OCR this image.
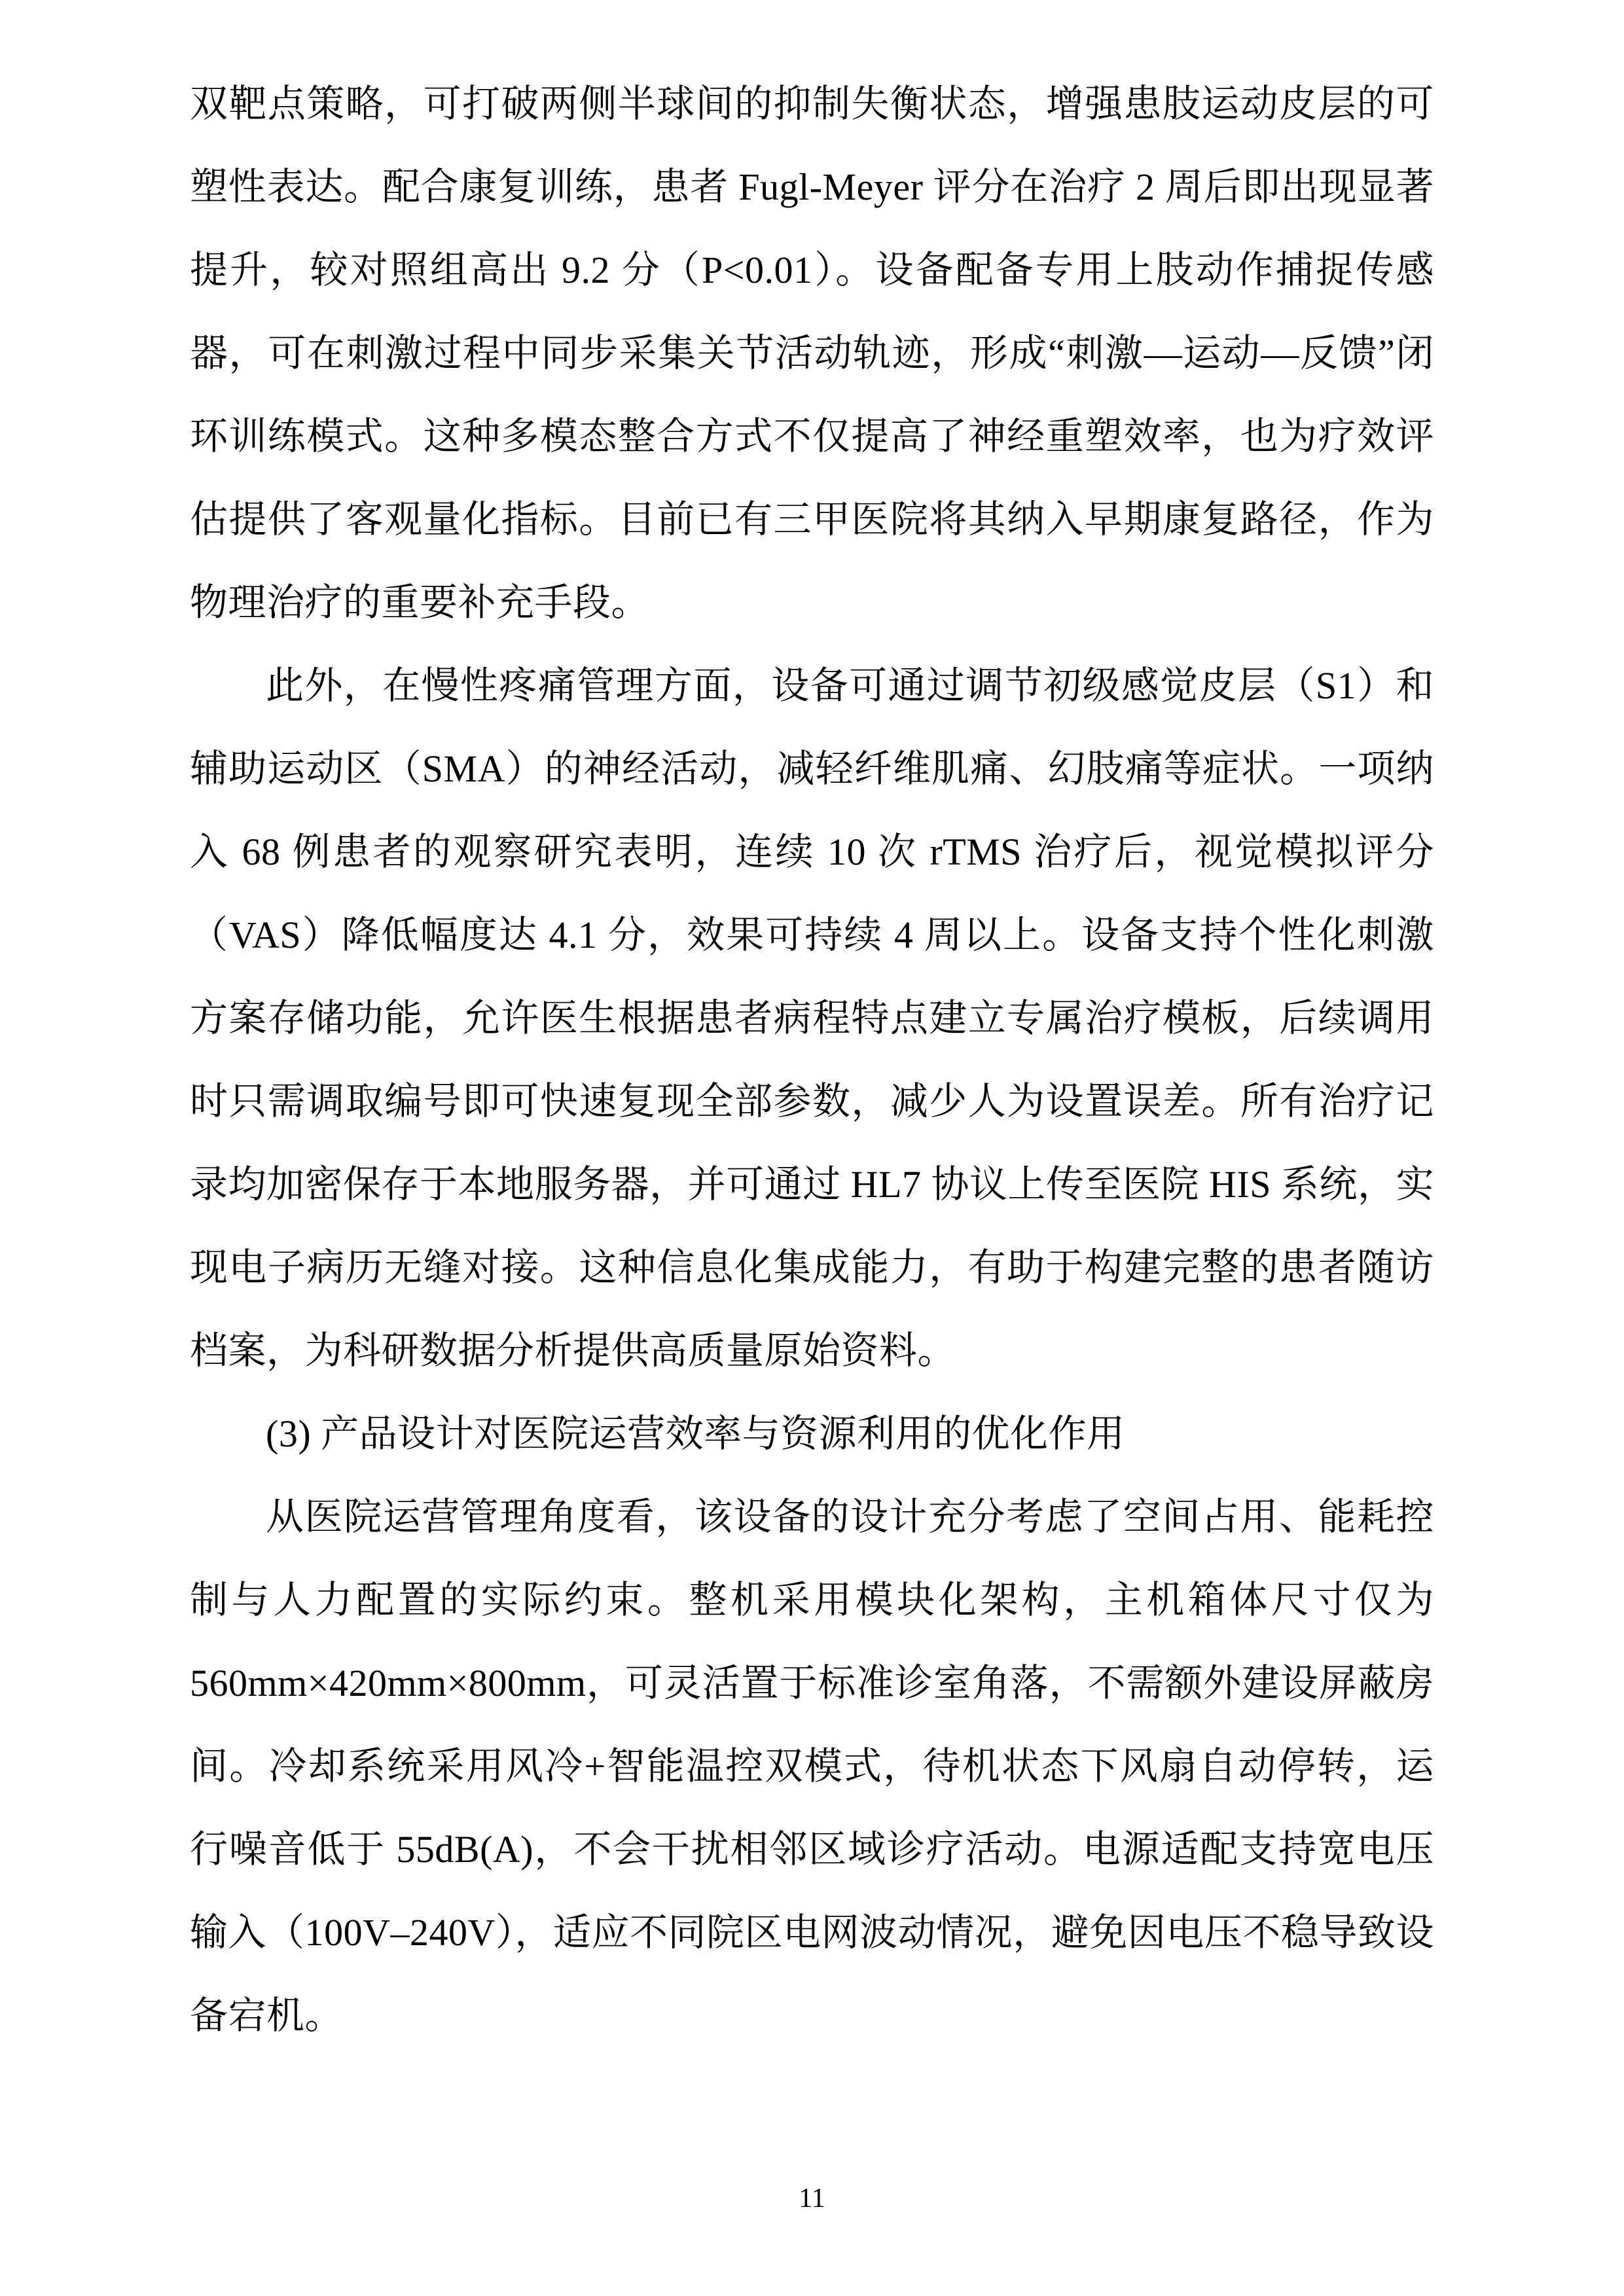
双靶点策略，可打破两侧半球间的抑制失衡状态，增强患肢运动皮层的可塑性表达。配合康复训练，患者 Fugl-Meyer 评分在治疗 2 周后即出现显著提升，较对照组高出 9.2 分（P<0.01）。设备配备专用上肢动作捕捉传感器，可在刺激过程中同步采集关节活动轨迹，形成“刺激—运动—反馈”闭环训练模式。这种多模态整合方式不仅提高了神经重塑效率，也为疗效评估提供了客观量化指标。目前已有三甲医院将其纳入早期康复路径，作为物理治疗的重要补充手段。

此外，在慢性疼痛管理方面，设备可通过调节初级感觉皮层（S1）和辅助运动区（SMA）的神经活动，减轻纤维肌痛、幻肢痛等症状。一项纳入 68 例患者的观察研究表明，连续 10 次 rTMS 治疗后，视觉模拟评分（VAS）降低幅度达 4.1 分，效果可持续 4 周以上。设备支持个性化刺激方案存储功能，允许医生根据患者病程特点建立专属治疗模板，后续调用时只需调取编号即可快速复现全部参数，减少人为设置误差。所有治疗记录均加密保存于本地服务器，并可通过 HL7 协议上传至医院 HIS 系统，实现电子病历无缝对接。这种信息化集成能力，有助于构建完整的患者随访档案，为科研数据分析提供高质量原始资料。

(3) 产品设计对医院运营效率与资源利用的优化作用

从医院运营管理角度看，该设备的设计充分考虑了空间占用、能耗控制与人力配置的实际约束。整机采用模块化架构，主机箱体尺寸仅为560mm×420mm×800mm，可灵活置于标准诊室角落，不需额外建设屏蔽房间。冷却系统采用风冷+智能温控双模式，待机状态下风扇自动停转，运行噪音低于 55dB(A)，不会干扰相邻区域诊疗活动。电源适配支持宽电压输入（100V–240V），适应不同院区电网波动情况，避免因电压不稳导致设备宕机。

11
